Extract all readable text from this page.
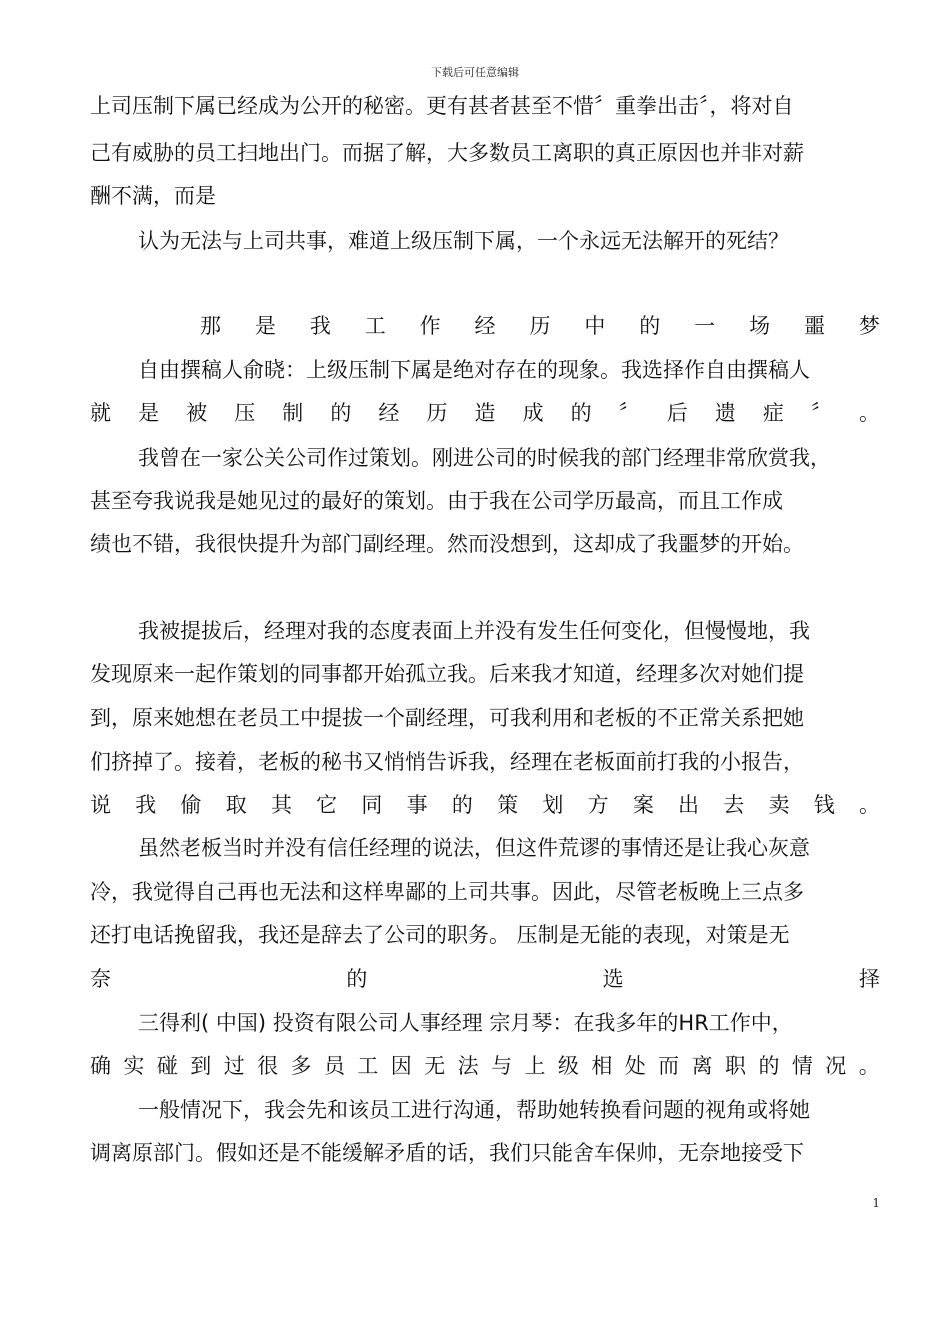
下载后可任意编辑
上司压制下属已经成为公开的秘密。更有甚者甚至不惜〞重拳出击〞，将对自
己有威胁的员工扫地出门。而据了解，大多数员工离职的真正原因也并非对薪
酬不满，而是
认为无法与上司共事，难道上级压制下属，一个永远无法解开的死结？
那 是 我 工 作 经 历 中 的 一 场 噩 梦
自由撰稿人俞晓：上级压制下属是绝对存在的现象。我选择作自由撰稿人
就 是 被 压 制 的 经 历 造 成 的 〞 后 遗 症 〞 。
我曾在一家公关公司作过策划。刚进公司的时候我的部门经理非常欣赏我，
甚至夸我说我是她见过的最好的策划。由于我在公司学历最高，而且工作成
绩也不错，我很快提升为部门副经理。然而没想到，这却成了我噩梦的开始。
我被提拔后，经理对我的态度表面上并没有发生任何变化，但慢慢地，我
发现原来一起作策划的同事都开始孤立我。后来我才知道，经理多次对她们提
到，原来她想在老员工中提拔一个副经理，可我利用和老板的不正常关系把她
们挤掉了。接着，老板的秘书又悄悄告诉我，经理在老板面前打我的小报告，
说 我 偷 取 其 它 同 事 的 策 划 方 案 出 去 卖 钱 。
虽然老板当时并没有信任经理的说法，但这件荒谬的事情还是让我心灰意
冷，我觉得自己再也无法和这样卑鄙的上司共事。因此，尽管老板晚上三点多
还打电话挽留我，我还是辞去了公司的职务。 压制是无能的表现，对策是无
奈	的	选	择
三得利( 中国) 投资有限公司人事经理 宗月琴：在我多年的HR工作中，
确 实 碰 到 过 很 多 员 工 因 无 法 与 上 级 相 处 而 离 职 的 情 况 。
一般情况下，我会先和该员工进行沟通，帮助她转换看问题的视角或将她
调离原部门。假如还是不能缓解矛盾的话，我们只能舍车保帅，无奈地接受下
1
